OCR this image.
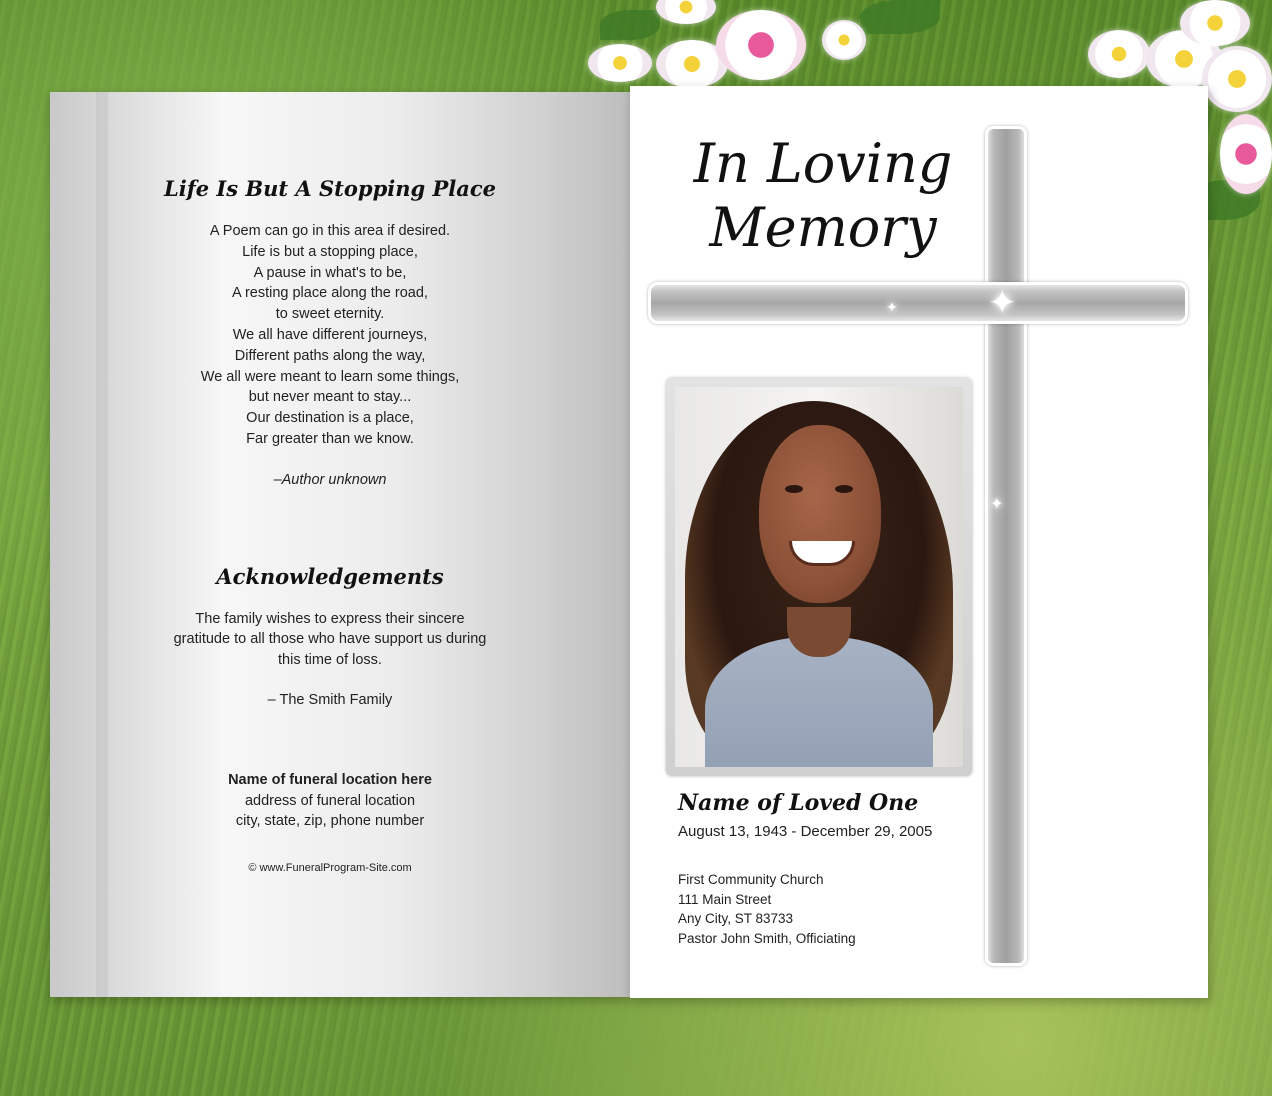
Life Is But A Stopping Place
A Poem can go in this area if desired.
Life is but a stopping place,
A pause in what's to be,
A resting place along the road,
to sweet eternity.
We all have different journeys,
Different paths along the way,
We all were meant to learn some things,
but never meant to stay...
Our destination is a place,
Far greater than we know.
–Author unknown
Acknowledgements
The family wishes to express their sincere
gratitude to all those who have support us during
this time of loss.
– The Smith Family
Name of funeral location here
address of funeral location
city, state, zip, phone number
© www.FuneralProgram-Site.com
✦
✦
✦
In Loving
Memory
Name of Loved One
August 13, 1943 - December 29, 2005
First Community Church
111 Main Street
Any City, ST 83733
Pastor John Smith, Officiating
